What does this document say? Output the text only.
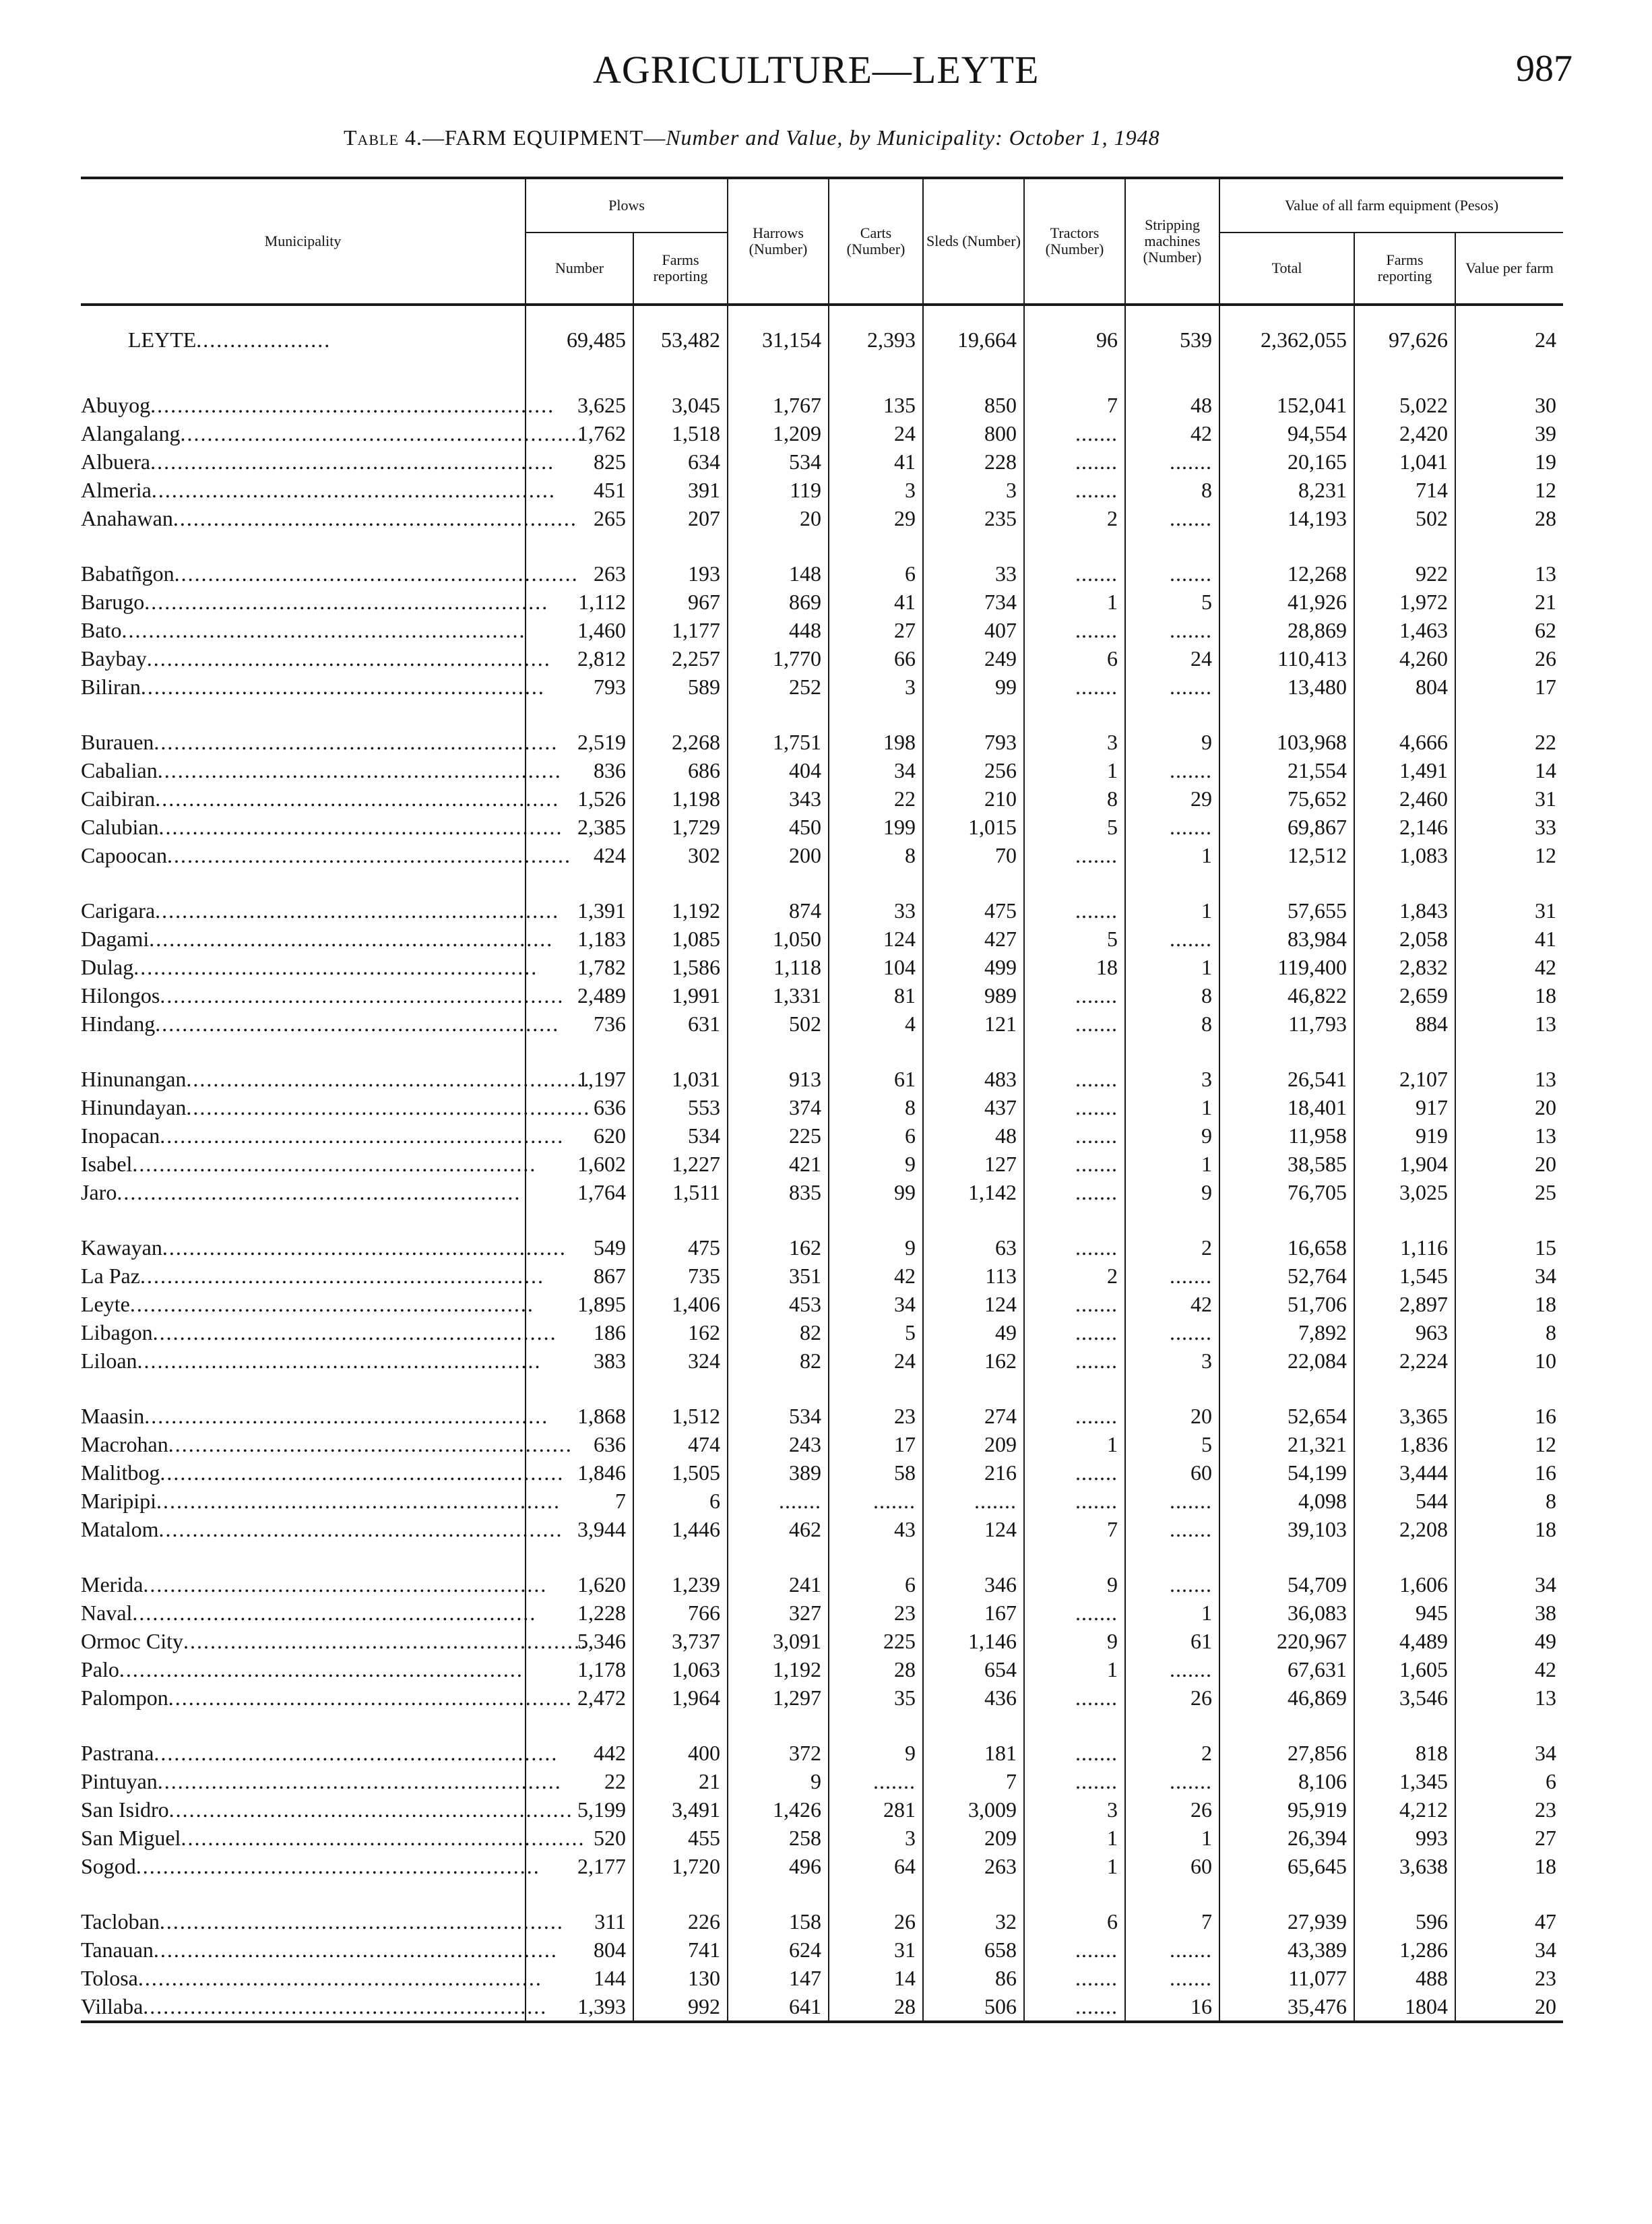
AGRICULTURE—LEYTE	987
Table 4.—FARM EQUIPMENT—Number and Value, by Municipality: October 1, 1948
Municipality	Plows		Harrows (Number)	Carts (Number)	Sleds (Number)	Tractors (Number)	Stripping machines (Number)	Value of all farm equipment (Pesos)		
	Number	Farms reporting						Total	Farms reporting	Value per farm
LEYTE....................	69,485	53,482	31,154	2,393	19,664	96	539	2,362,055	97,626	24

Abuyog............................................................	3,625	3,045	1,767	135	850	7	48	152,041	5,022	30
Alangalang............................................................	1,762	1,518	1,209	24	800	.......	42	94,554	2,420	39
Albuera............................................................	825	634	534	41	228	.......	.......	20,165	1,041	19
Almeria............................................................	451	391	119	3	3	.......	8	8,231	714	12
Anahawan............................................................	265	207	20	29	235	2	.......	14,193	502	28

Babatñgon............................................................	263	193	148	6	33	.......	.......	12,268	922	13
Barugo............................................................	1,112	967	869	41	734	1	5	41,926	1,972	21
Bato............................................................	1,460	1,177	448	27	407	.......	.......	28,869	1,463	62
Baybay............................................................	2,812	2,257	1,770	66	249	6	24	110,413	4,260	26
Biliran............................................................	793	589	252	3	99	.......	.......	13,480	804	17

Burauen............................................................	2,519	2,268	1,751	198	793	3	9	103,968	4,666	22
Cabalian............................................................	836	686	404	34	256	1	.......	21,554	1,491	14
Caibiran............................................................	1,526	1,198	343	22	210	8	29	75,652	2,460	31
Calubian............................................................	2,385	1,729	450	199	1,015	5	.......	69,867	2,146	33
Capoocan............................................................	424	302	200	8	70	.......	1	12,512	1,083	12

Carigara............................................................	1,391	1,192	874	33	475	.......	1	57,655	1,843	31
Dagami............................................................	1,183	1,085	1,050	124	427	5	.......	83,984	2,058	41
Dulag............................................................	1,782	1,586	1,118	104	499	18	1	119,400	2,832	42
Hilongos............................................................	2,489	1,991	1,331	81	989	.......	8	46,822	2,659	18
Hindang............................................................	736	631	502	4	121	.......	8	11,793	884	13

Hinunangan............................................................	1,197	1,031	913	61	483	.......	3	26,541	2,107	13
Hinundayan............................................................	636	553	374	8	437	.......	1	18,401	917	20
Inopacan............................................................	620	534	225	6	48	.......	9	11,958	919	13
Isabel............................................................	1,602	1,227	421	9	127	.......	1	38,585	1,904	20
Jaro............................................................	1,764	1,511	835	99	1,142	.......	9	76,705	3,025	25

Kawayan............................................................	549	475	162	9	63	.......	2	16,658	1,116	15
La Paz............................................................	867	735	351	42	113	2	.......	52,764	1,545	34
Leyte............................................................	1,895	1,406	453	34	124	.......	42	51,706	2,897	18
Libagon............................................................	186	162	82	5	49	.......	.......	7,892	963	8
Liloan............................................................	383	324	82	24	162	.......	3	22,084	2,224	10

Maasin............................................................	1,868	1,512	534	23	274	.......	20	52,654	3,365	16
Macrohan............................................................	636	474	243	17	209	1	5	21,321	1,836	12
Malitbog............................................................	1,846	1,505	389	58	216	.......	60	54,199	3,444	16
Maripipi............................................................	7	6	.......	.......	.......	.......	.......	4,098	544	8
Matalom............................................................	3,944	1,446	462	43	124	7	.......	39,103	2,208	18

Merida............................................................	1,620	1,239	241	6	346	9	.......	54,709	1,606	34
Naval............................................................	1,228	766	327	23	167	.......	1	36,083	945	38
Ormoc City............................................................	5,346	3,737	3,091	225	1,146	9	61	220,967	4,489	49
Palo............................................................	1,178	1,063	1,192	28	654	1	.......	67,631	1,605	42
Palompon............................................................	2,472	1,964	1,297	35	436	.......	26	46,869	3,546	13

Pastrana............................................................	442	400	372	9	181	.......	2	27,856	818	34
Pintuyan............................................................	22	21	9	.......	7	.......	.......	8,106	1,345	6
San Isidro............................................................	5,199	3,491	1,426	281	3,009	3	26	95,919	4,212	23
San Miguel............................................................	520	455	258	3	209	1	1	26,394	993	27
Sogod............................................................	2,177	1,720	496	64	263	1	60	65,645	3,638	18

Tacloban............................................................	311	226	158	26	32	6	7	27,939	596	47
Tanauan............................................................	804	741	624	31	658	.......	.......	43,389	1,286	34
Tolosa............................................................	144	130	147	14	86	.......	.......	11,077	488	23
Villaba............................................................	1,393	992	641	28	506	.......	16	35,476	1804	20
